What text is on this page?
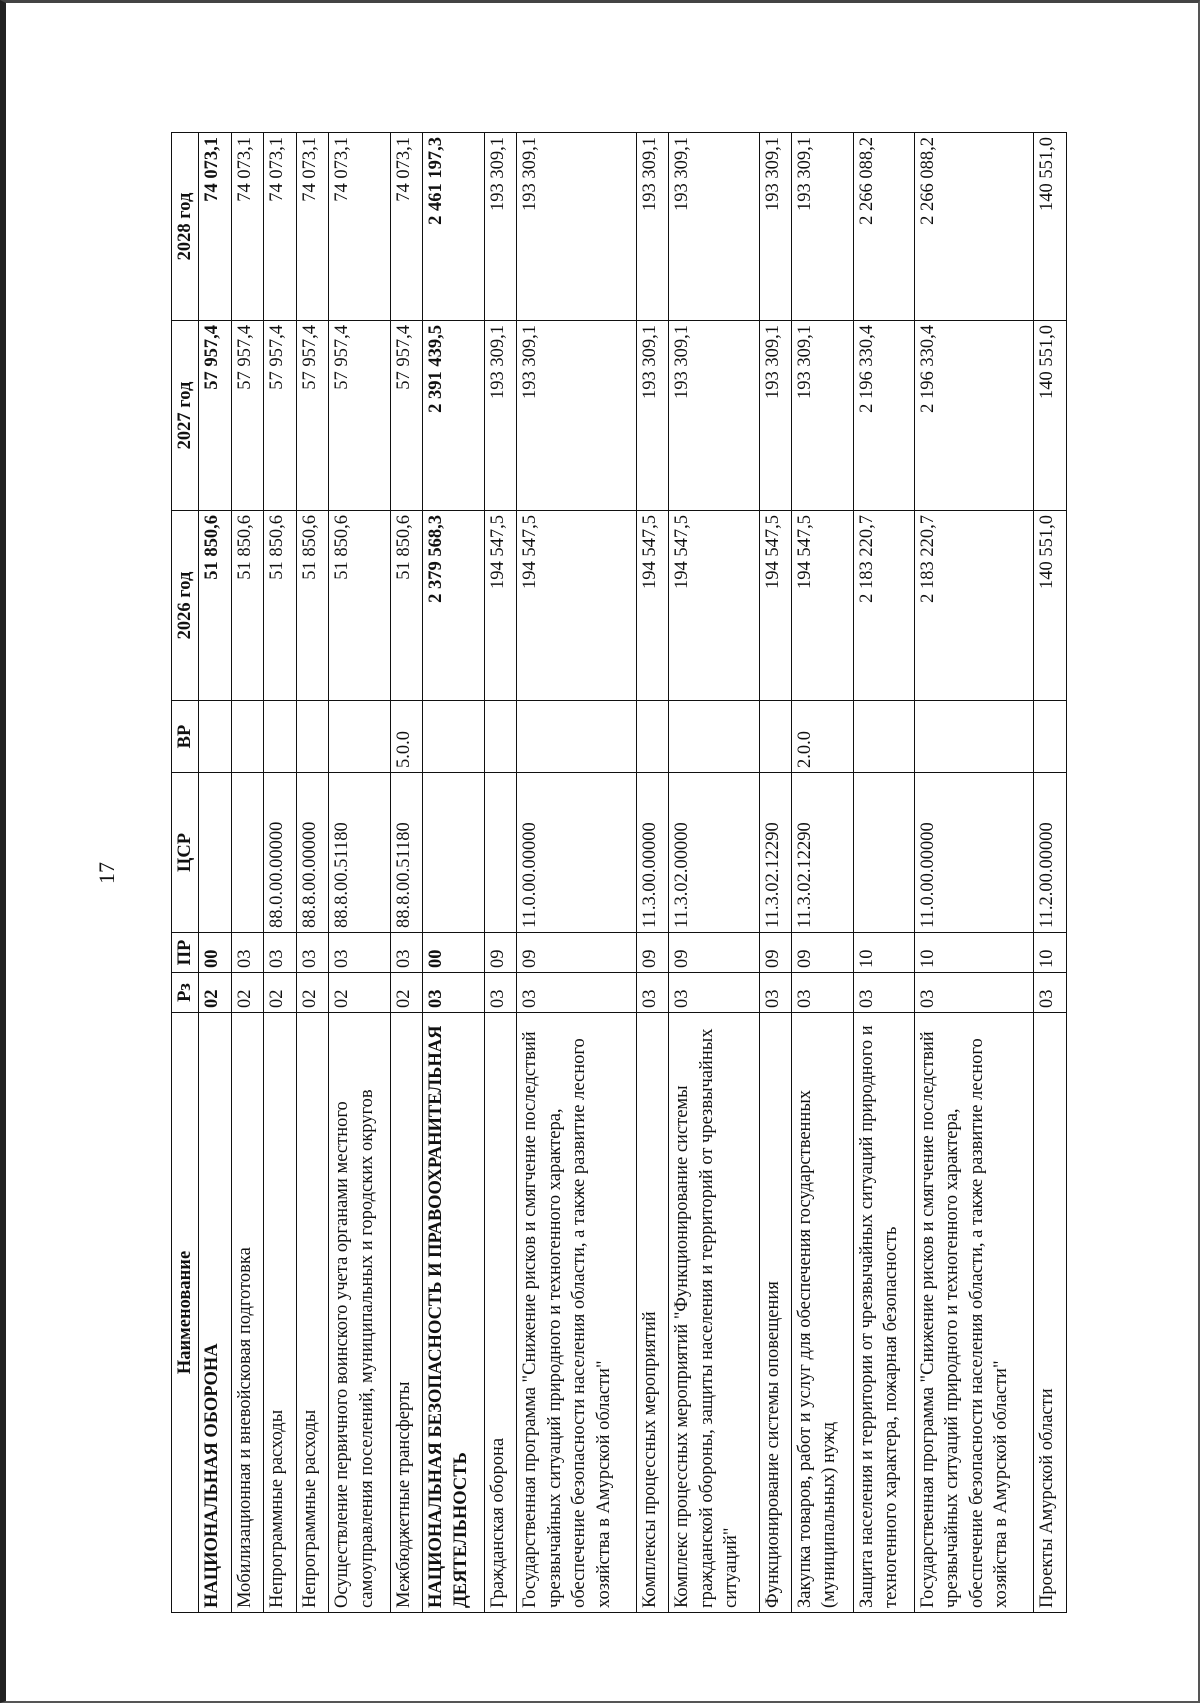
17
Наименование	Рз	ПР	ЦСР	ВР	2026 год	2027 год	2028 год
НАЦИОНАЛЬНАЯ ОБОРОНА	02	00			51 850,6	57 957,4	74 073,1
Мобилизационная и вневойсковая подготовка	02	03			51 850,6	57 957,4	74 073,1
Непрограммные расходы	02	03	88.0.00.00000		51 850,6	57 957,4	74 073,1
Непрограммные расходы	02	03	88.8.00.00000		51 850,6	57 957,4	74 073,1
Осуществление первичного воинского учета органами местного самоуправления поселений, муниципальных и городских округов	02	03	88.8.00.51180		51 850,6	57 957,4	74 073,1
Межбюджетные трансферты	02	03	88.8.00.51180	5.0.0	51 850,6	57 957,4	74 073,1
НАЦИОНАЛЬНАЯ БЕЗОПАСНОСТЬ И ПРАВООХРАНИТЕЛЬНАЯ ДЕЯТЕЛЬНОСТЬ	03	00			2 379 568,3	2 391 439,5	2 461 197,3
Гражданская оборона	03	09			194 547,5	193 309,1	193 309,1
Государственная программа "Снижение рисков и смягчение последствий чрезвычайных ситуаций природного и техногенного характера, обеспечение безопасности населения области, а также развитие лесного хозяйства в Амурской области"	03	09	11.0.00.00000		194 547,5	193 309,1	193 309,1
Комплексы процессных мероприятий	03	09	11.3.00.00000		194 547,5	193 309,1	193 309,1
Комплекс процессных мероприятий "Функционирование системы гражданской обороны, защиты населения и территорий от чрезвычайных ситуаций"	03	09	11.3.02.00000		194 547,5	193 309,1	193 309,1
Функционирование системы оповещения	03	09	11.3.02.12290		194 547,5	193 309,1	193 309,1
Закупка товаров, работ и услуг для обеспечения государственных (муниципальных) нужд	03	09	11.3.02.12290	2.0.0	194 547,5	193 309,1	193 309,1
Защита населения и территории от чрезвычайных ситуаций природного и техногенного характера, пожарная безопасность	03	10			2 183 220,7	2 196 330,4	2 266 088,2
Государственная программа "Снижение рисков и смягчение последствий чрезвычайных ситуаций природного и техногенного характера, обеспечение безопасности населения области, а также развитие лесного хозяйства в Амурской области"	03	10	11.0.00.00000		2 183 220,7	2 196 330,4	2 266 088,2
Проекты Амурской области	03	10	11.2.00.00000		140 551,0	140 551,0	140 551,0
